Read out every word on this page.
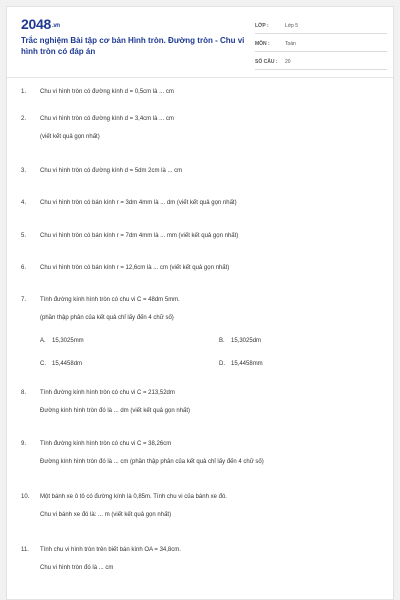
2048.vn
Trắc nghiệm Bài tập cơ bản Hình tròn. Đường tròn - Chu vi hình tròn có đáp án
LỚP :	Lớp 5
MÔN :	Toán
SỐ CÂU : 20
1. Chu vi hình tròn có đường kính d = 0,5cm là ... cm
2. Chu vi hình tròn có đường kính d = 3,4cm là ... cm
(viết kết quả gọn nhất)
3. Chu vi hình tròn có đường kính d = 5dm 2cm là ... cm
4. Chu vi hình tròn có bán kính r = 3dm 4mm là ... dm (viết kết quả gọn nhất)
5. Chu vi hình tròn có bán kính r = 7dm 4mm là ... mm (viết kết quả gọn nhất)
6. Chu vi hình tròn có bán kính r = 12,6cm là ... cm (viết kết quả gọn nhất)
7. Tính đường kính hình tròn có chu vi C = 48dm 5mm.
(phần thập phân của kết quả chỉ lấy đến 4 chữ số)
A. 15,3025mm	B. 15,3025dm
C. 15,4458dm	D. 15,4458mm
8. Tính đường kính hình tròn có chu vi C = 213,52dm
Đường kính hình tròn đó là ... dm (viết kết quả gọn nhất)
9. Tính đường kính hình tròn có chu vi C = 38,26cm
Đường kính hình tròn đó là ... cm (phần thập phân của kết quả chỉ lấy đến 4 chữ số)
10. Một bánh xe ô tô có đường kính là 0,85m. Tính chu vi của bánh xe đó.
Chu vi bánh xe đó là: ... m (viết kết quả gọn nhất)
11. Tính chu vi hình tròn trên biết bán kính OA = 34,8cm.
Chu vi hình tròn đó là ... cm
